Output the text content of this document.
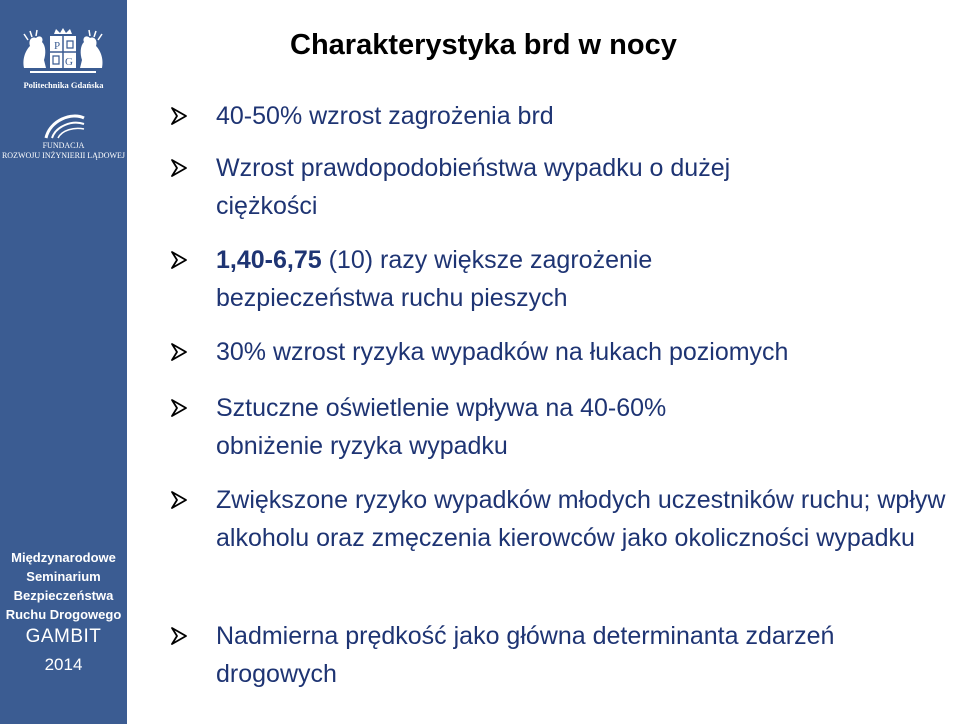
P
G
Politechnika Gdańska
FUNDACJA
ROZWOJU INŻYNIERII LĄDOWEJ
Międzynarodowe
Seminarium
Bezpieczeństwa
Ruchu Drogowego
GAMBIT
2014
Charakterystyka brd w nocy

40-50% wzrost zagrożenia brd

Wzrost prawdopodobieństwa wypadku o dużej ciężkości

1,40-6,75 (10) razy większe zagrożenie bezpieczeństwa ruchu pieszych

30% wzrost ryzyka wypadków na łukach poziomych

Sztuczne oświetlenie wpływa na 40-60% obniżenie ryzyka wypadku

Zwiększone ryzyko wypadków młodych uczestników ruchu; wpływ alkoholu oraz zmęczenia kierowców jako okoliczności wypadku

Nadmierna prędkość jako główna determinanta zdarzeń drogowych
